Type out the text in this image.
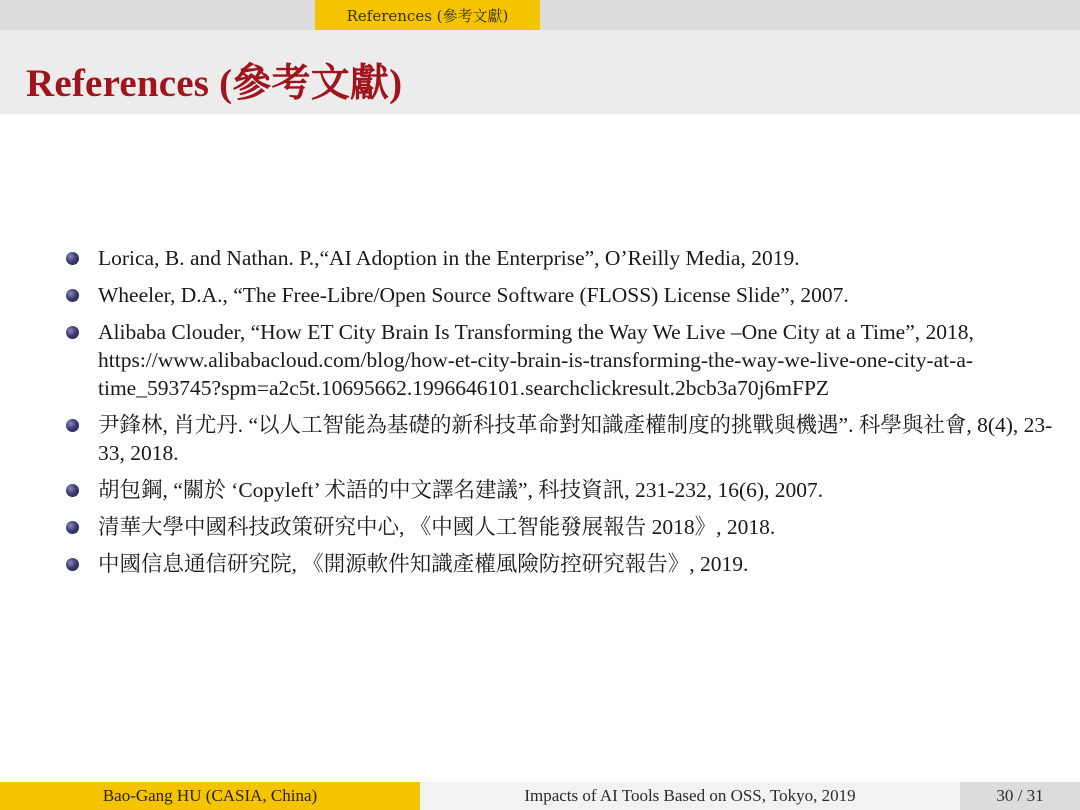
References (參考文獻)
References (參考文獻)
Lorica, B. and Nathan. P.,“AI Adoption in the Enterprise”, O’Reilly Media, 2019.
Wheeler, D.A., “The Free-Libre/Open Source Software (FLOSS) License Slide”, 2007.
Alibaba Clouder, “How ET City Brain Is Transforming the Way We Live –One City at a Time”, 2018, https://www.alibabacloud.com/blog/how-et-city-brain-is-transforming-the-way-we-live-one-city-at-a-time_593745?spm=a2c5t.10695662.1996646101.searchclickresult.2bcb3a70j6mFPZ
尹鋒林, 肖尤丹. “以人工智能為基礎的新科技革命對知識產權制度的挑戰與機遇”. 科學與社會, 8(4), 23-33, 2018.
胡包鋼, “關於 ‘Copyleft’ 术語的中文譯名建議”, 科技資訊, 231-232, 16(6), 2007.
清華大學中國科技政策研究中心, 《中國人工智能發展報告 2018》, 2018.
中國信息通信研究院, 《開源軟件知識產權風險防控研究報告》, 2019.
Bao-Gang HU (CASIA, China)	Impacts of AI Tools Based on OSS, Tokyo, 2019	30 / 31
